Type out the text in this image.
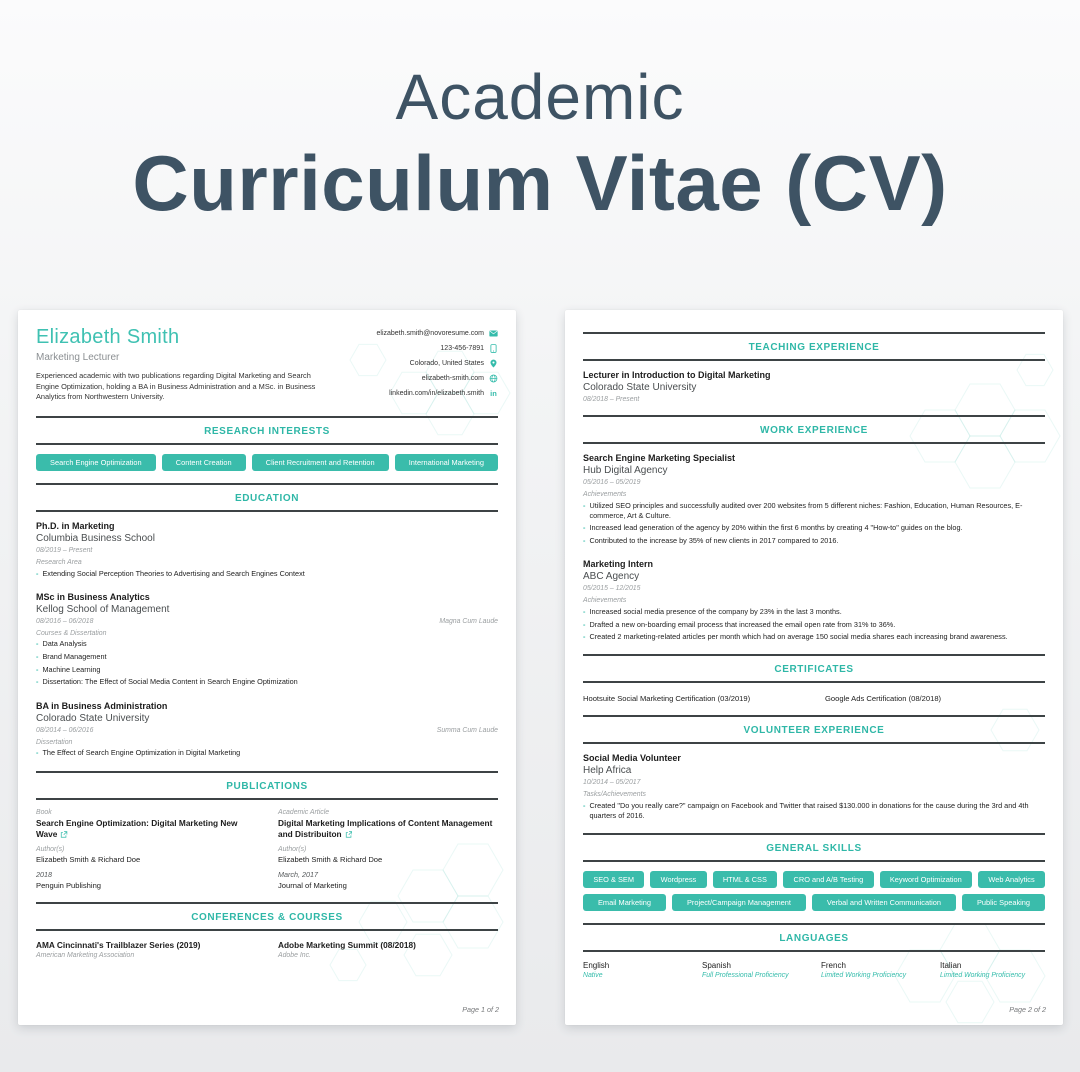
Academic
Curriculum Vitae (CV)
Elizabeth Smith
Marketing Lecturer
Experienced academic with two publications regarding Digital Marketing and Search Engine Optimization, holding a BA in Business Administration and a MSc. in Business Analytics from Northwestern University.
elizabeth.smith@novoresume.com
123-456-7891
Colorado, United States
elizabeth-smith.com
linkedin.com/in/elizabeth.smith in
RESEARCH INTERESTS
Search Engine Optimization	Content Creation	Client Recruitment and Retention	International Marketing
EDUCATION
Ph.D. in Marketing
Columbia Business School
08/2019 – Present
Research Area
- Extending Social Perception Theories to Advertising and Search Engines Context
MSc in Business Analytics
Kellog School of Management
08/2016 – 06/2018	Magna Cum Laude
Courses & Dissertation
- Data Analysis
- Brand Management
- Machine Learning
- Dissertation: The Effect of Social Media Content in Search Engine Optimization
BA in Business Administration
Colorado State University
08/2014 – 06/2016	Summa Cum Laude
Dissertation
- The Effect of Search Engine Optimization in Digital Marketing
PUBLICATIONS
Book
Search Engine Optimization: Digital Marketing New Wave
Author(s)
Elizabeth Smith & Richard Doe
2018
Penguin Publishing
Academic Article
Digital Marketing Implications of Content Management and Distribuiton
Author(s)
Elizabeth Smith & Richard Doe
March, 2017
Journal of Marketing
CONFERENCES & COURSES
AMA Cincinnati's Trailblazer Series (2019)
American Marketing Association
Adobe Marketing Summit (08/2018)
Adobe Inc.
Page 1 of 2
TEACHING EXPERIENCE
Lecturer in Introduction to Digital Marketing
Colorado State University
08/2018 – Present
WORK EXPERIENCE
Search Engine Marketing Specialist
Hub Digital Agency
05/2016 – 05/2019
Achievements
- Utilized SEO principles and successfully audited over 200 websites from 5 different niches: Fashion, Education, Human Resources, E-commerce, Art & Culture.
- Increased lead generation of the agency by 20% within the first 6 months by creating 4 "How-to" guides on the blog.
- Contributed to the increase by 35% of new clients in 2017 compared to 2016.
Marketing Intern
ABC Agency
05/2015 – 12/2015
Achievements
- Increased social media presence of the company by 23% in the last 3 months.
- Drafted a new on-boarding email process that increased the email open rate from 31% to 36%.
- Created 2 marketing-related articles per month which had on average 150 social media shares each increasing brand awareness.
CERTIFICATES
Hootsuite Social Marketing Certification (03/2019)	Google Ads Certification (08/2018)
VOLUNTEER EXPERIENCE
Social Media Volunteer
Help Africa
10/2014 – 05/2017
Tasks/Achievements
- Created "Do you really care?" campaign on Facebook and Twitter that raised $130.000 in donations for the cause during the 3rd and 4th quarters of 2016.
GENERAL SKILLS
SEO & SEM	Wordpress	HTML & CSS	CRO and A/B Testing	Keyword Optimization	Web Analytics
Email Marketing	Project/Campaign Management	Verbal and Written Communication	Public Speaking
LANGUAGES
English
Native
Spanish
Full Professional Proficiency
French
Limited Working Proficiency
Italian
Limited Working Proficiency
Page 2 of 2
